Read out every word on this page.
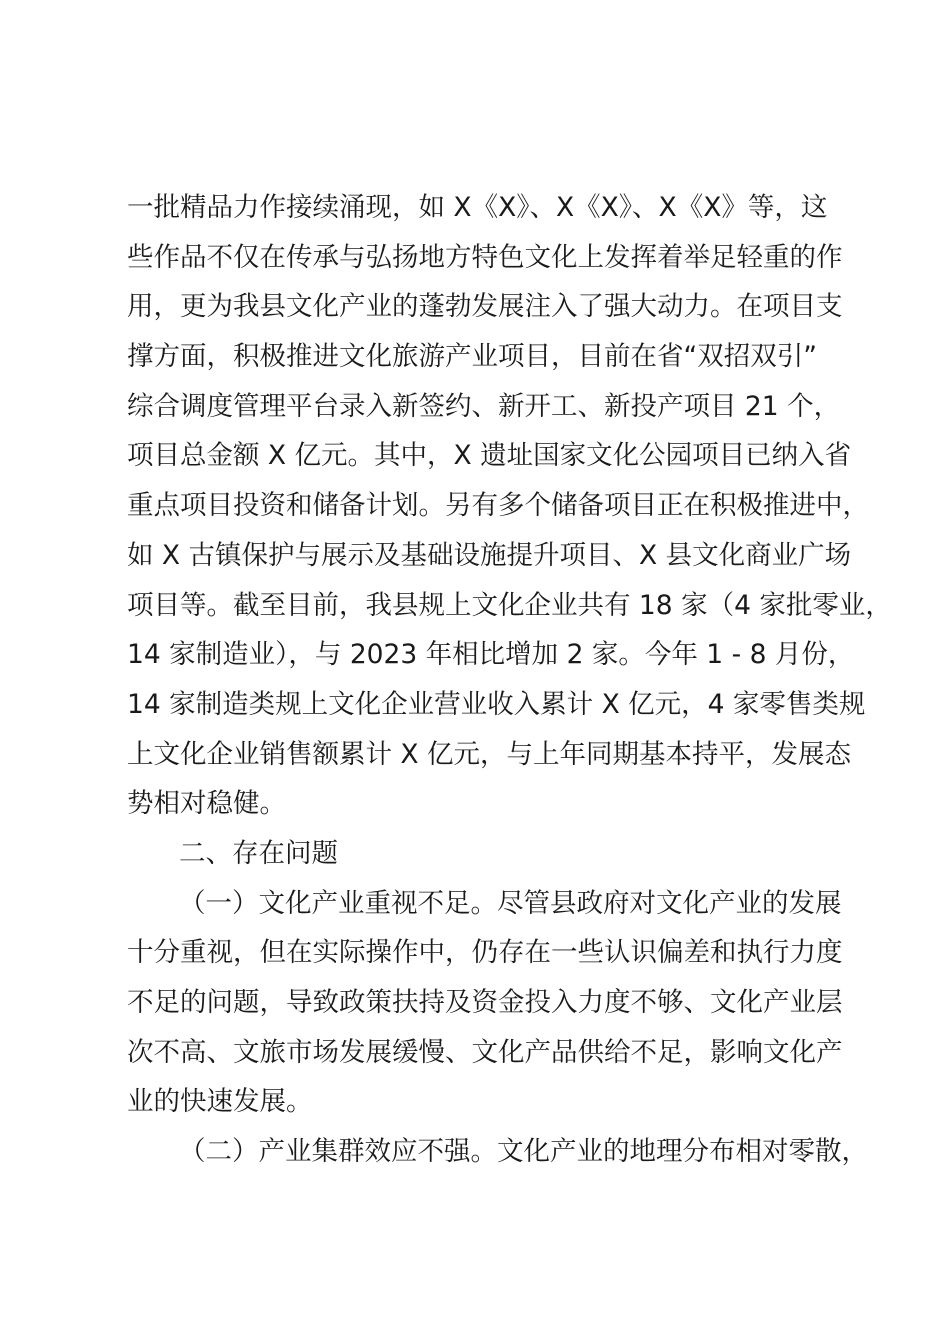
一批精品力作接续涌现，如 X《X》、X《X》、X《X》等，这
些作品不仅在传承与弘扬地方特色文化上发挥着举足轻重的作
用，更为我县文化产业的蓬勃发展注入了强大动力。在项目支
撑方面，积极推进文化旅游产业项目，目前在省“双招双引”
综合调度管理平台录入新签约、新开工、新投产项目 21 个，
项目总金额 X 亿元。其中，X 遗址国家文化公园项目已纳入省
重点项目投资和储备计划。另有多个储备项目正在积极推进中，
如 X 古镇保护与展示及基础设施提升项目、X 县文化商业广场
项目等。截至目前，我县规上文化企业共有 18 家（4 家批零业，
14 家制造业），与 2023 年相比增加 2 家。今年 1 - 8 月份，
14 家制造类规上文化企业营业收入累计 X 亿元，4 家零售类规
上文化企业销售额累计 X 亿元，与上年同期基本持平，发展态
势相对稳健。
二、存在问题
（一）文化产业重视不足。尽管县政府对文化产业的发展
十分重视，但在实际操作中，仍存在一些认识偏差和执行力度
不足的问题，导致政策扶持及资金投入力度不够、文化产业层
次不高、文旅市场发展缓慢、文化产品供给不足，影响文化产
业的快速发展。
（二）产业集群效应不强。文化产业的地理分布相对零散，
